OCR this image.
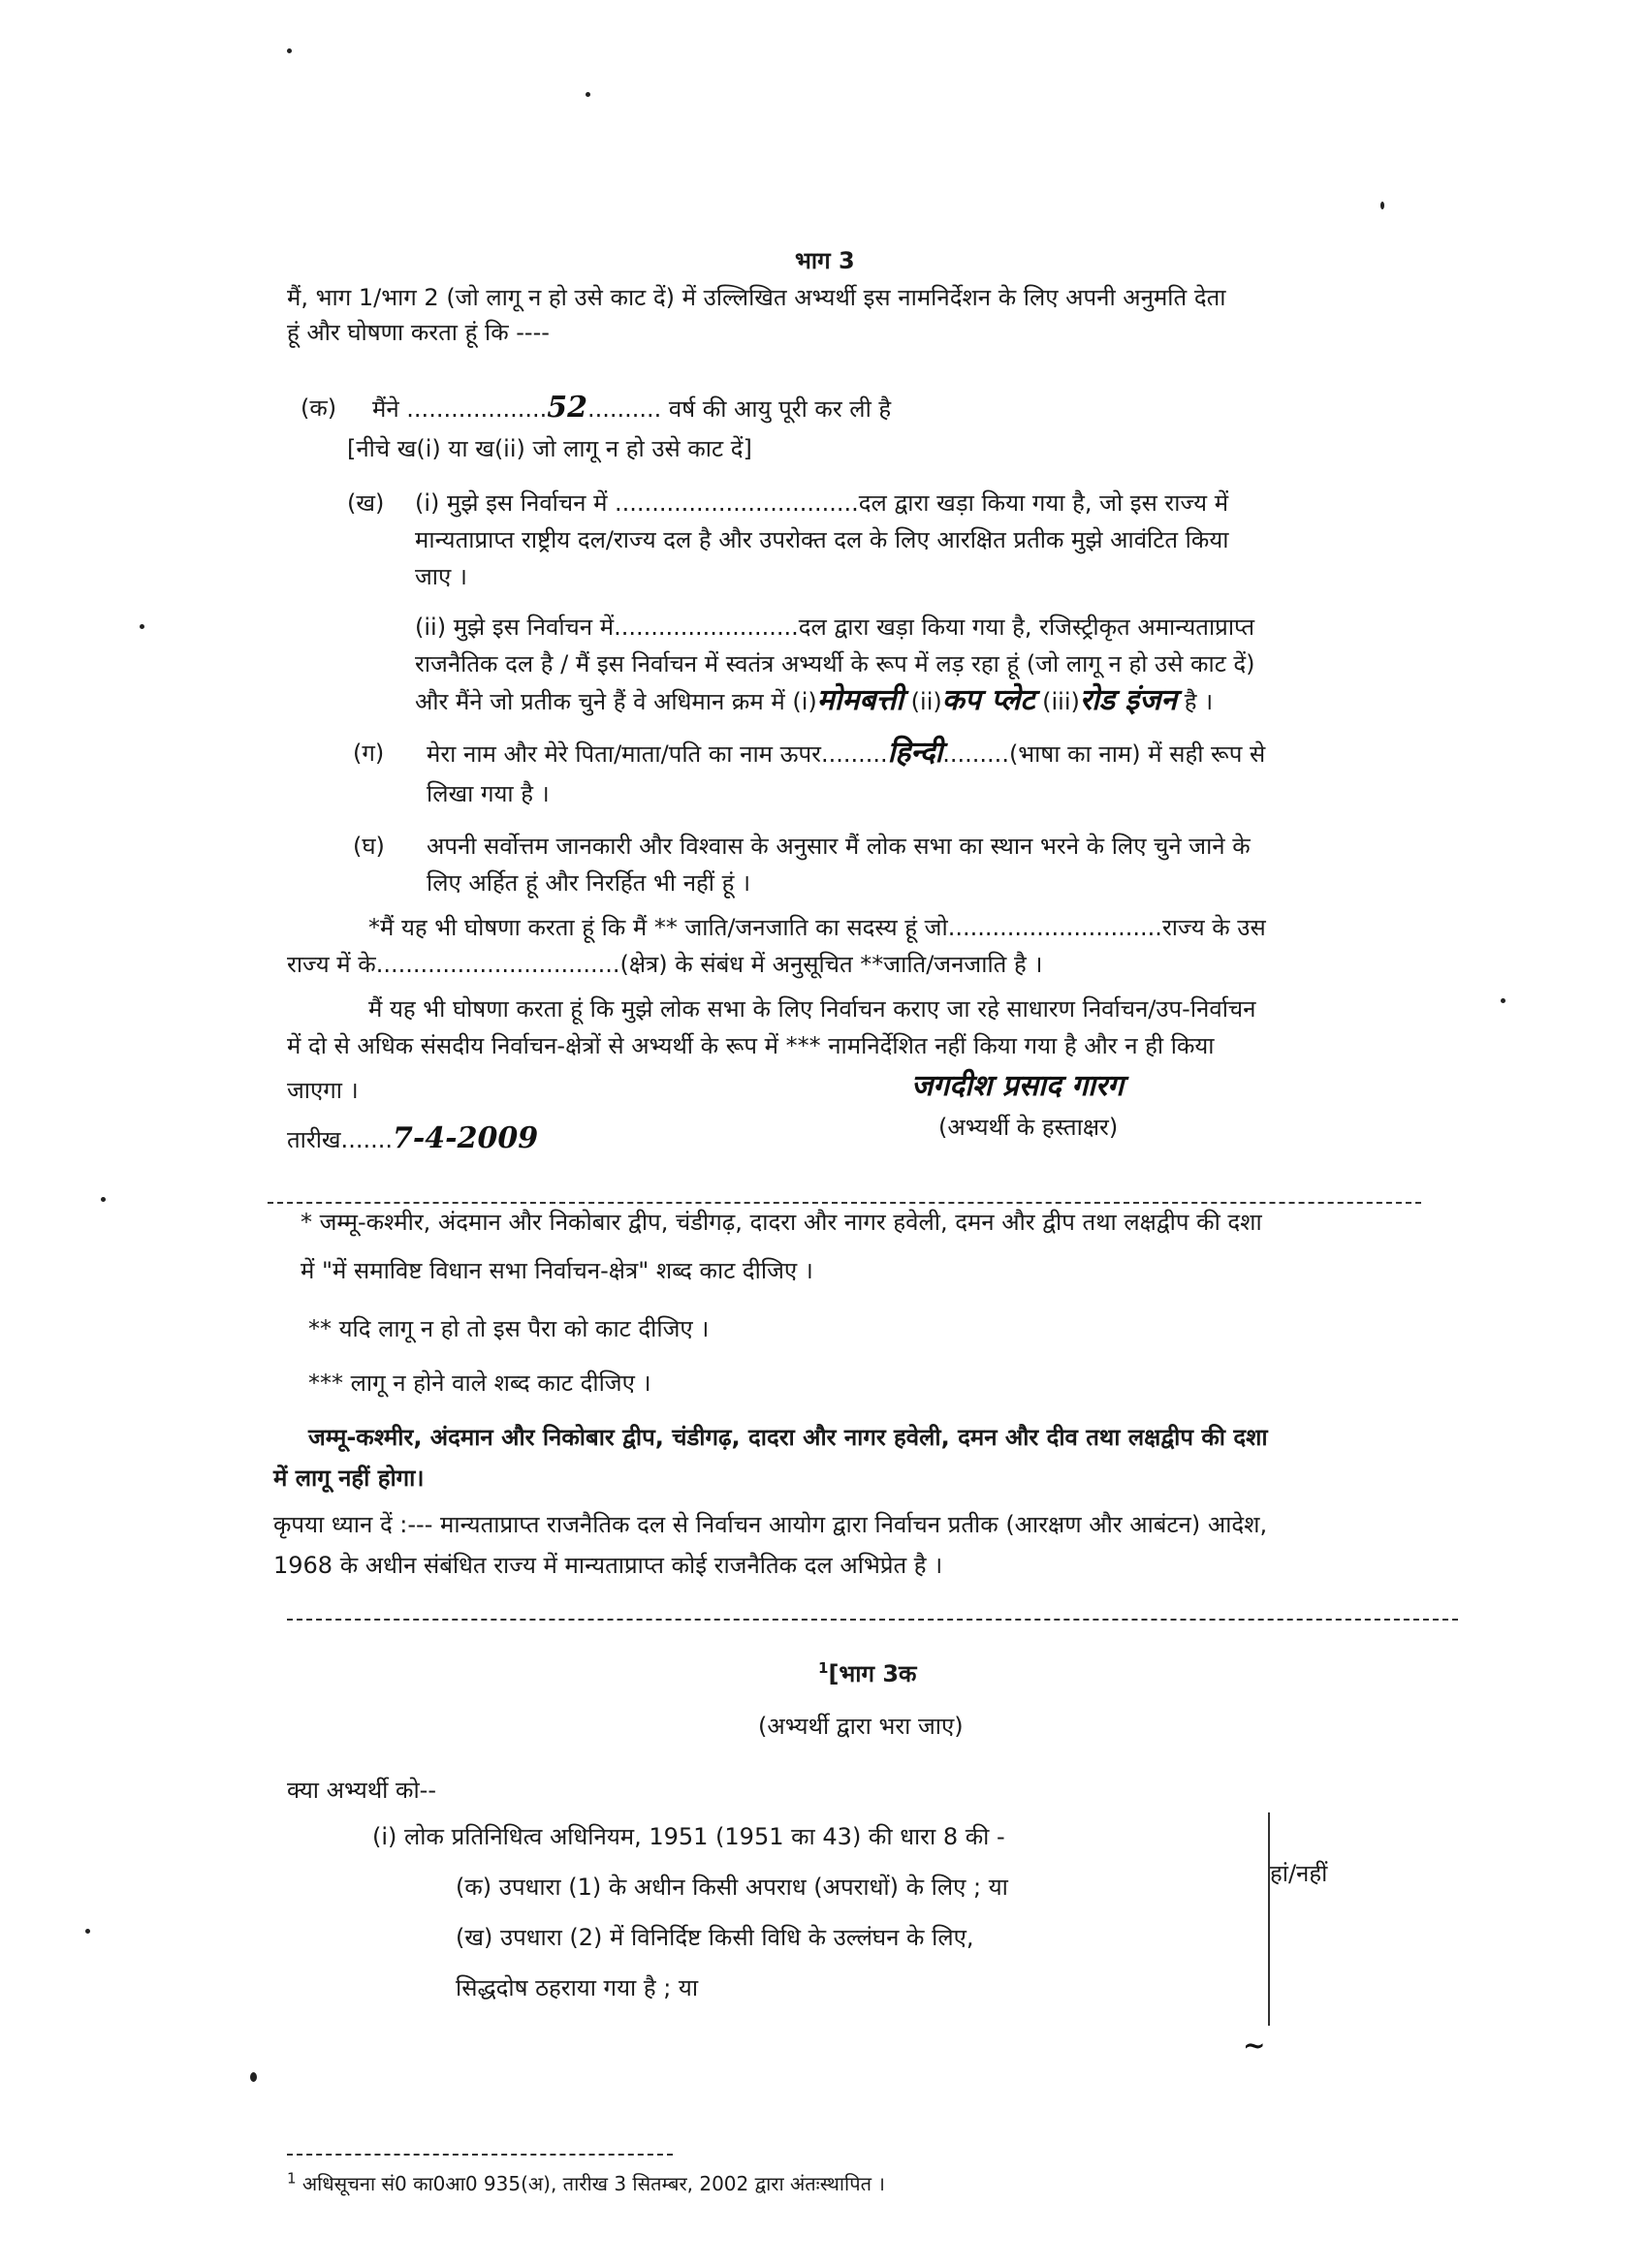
भाग 3
मैं, भाग 1/भाग 2 (जो लागू न हो उसे काट दें) में उल्लिखित अभ्यर्थी इस नामनिर्देशन के लिए अपनी अनुमति देता
हूं और घोषणा करता हूं कि ----
(क) मैंने ...................52.......... वर्ष की आयु पूरी कर ली है
[नीचे ख(i) या ख(ii) जो लागू न हो उसे काट दें]
(ख) (i) मुझे इस निर्वाचन में .................................दल द्वारा खड़ा किया गया है, जो इस राज्य में
मान्यताप्राप्त राष्ट्रीय दल/राज्य दल है और उपरोक्त दल के लिए आरक्षित प्रतीक मुझे आवंटित किया
जाए ।
(ii) मुझे इस निर्वाचन में.........................दल द्वारा खड़ा किया गया है, रजिस्ट्रीकृत अमान्यताप्राप्त
राजनैतिक दल है / मैं इस निर्वाचन में स्वतंत्र अभ्यर्थी के रूप में लड़ रहा हूं (जो लागू न हो उसे काट दें)
और मैंने जो प्रतीक चुने हैं वे अधिमान क्रम में (i)मोमबत्ती (ii)कप प्लेट (iii)रोड इंजन है ।
(ग) मेरा नाम और मेरे पिता/माता/पति का नाम ऊपर.........हिन्दी.........(भाषा का नाम) में सही रूप से
लिखा गया है ।
(घ) अपनी सर्वोत्तम जानकारी और विश्वास के अनुसार मैं लोक सभा का स्थान भरने के लिए चुने जाने के
लिए अर्हित हूं और निरर्हित भी नहीं हूं ।
*मैं यह भी घोषणा करता हूं कि मैं ** जाति/जनजाति का सदस्य हूं जो.............................राज्य के उस
राज्य में के.................................(क्षेत्र) के संबंध में अनुसूचित **जाति/जनजाति है ।
मैं यह भी घोषणा करता हूं कि मुझे लोक सभा के लिए निर्वाचन कराए जा रहे साधारण निर्वाचन/उप-निर्वाचन
में दो से अधिक संसदीय निर्वाचन-क्षेत्रों से अभ्यर्थी के रूप में *** नामनिर्देशित नहीं किया गया है और न ही किया
जाएगा ।	जगदीश प्रसाद गारग
(अभ्यर्थी के हस्ताक्षर)
तारीख.......7-4-2009
* जम्मू-कश्मीर, अंदमान और निकोबार द्वीप, चंडीगढ़, दादरा और नागर हवेली, दमन और द्वीप तथा लक्षद्वीप की दशा
में "में समाविष्ट विधान सभा निर्वाचन-क्षेत्र" शब्द काट दीजिए ।
** यदि लागू न हो तो इस पैरा को काट दीजिए ।
*** लागू न होने वाले शब्द काट दीजिए ।
जम्मू-कश्मीर, अंदमान और निकोबार द्वीप, चंडीगढ़, दादरा और नागर हवेली, दमन और दीव तथा लक्षद्वीप की दशा
में लागू नहीं होगा।
कृपया ध्यान दें :--- मान्यताप्राप्त राजनैतिक दल से निर्वाचन आयोग द्वारा निर्वाचन प्रतीक (आरक्षण और आबंटन) आदेश,
1968 के अधीन संबंधित राज्य में मान्यताप्राप्त कोई राजनैतिक दल अभिप्रेत है ।
$^1$[भाग 3क
(अभ्यर्थी द्वारा भरा जाए)
क्या अभ्यर्थी को--
(i) लोक प्रतिनिधित्व अधिनियम, 1951 (1951 का 43) की धारा 8 की -
(क) उपधारा (1) के अधीन किसी अपराध (अपराधों) के लिए ; या
(ख) उपधारा (2) में विनिर्दिष्ट किसी विधि के उल्लंघन के लिए,
सिद्धदोष ठहराया गया है ; या
हां/नहीं
~
$^1$ अधिसूचना सं0 का0आ0 935(अ), तारीख 3 सितम्बर, 2002 द्वारा अंतःस्थापित ।
